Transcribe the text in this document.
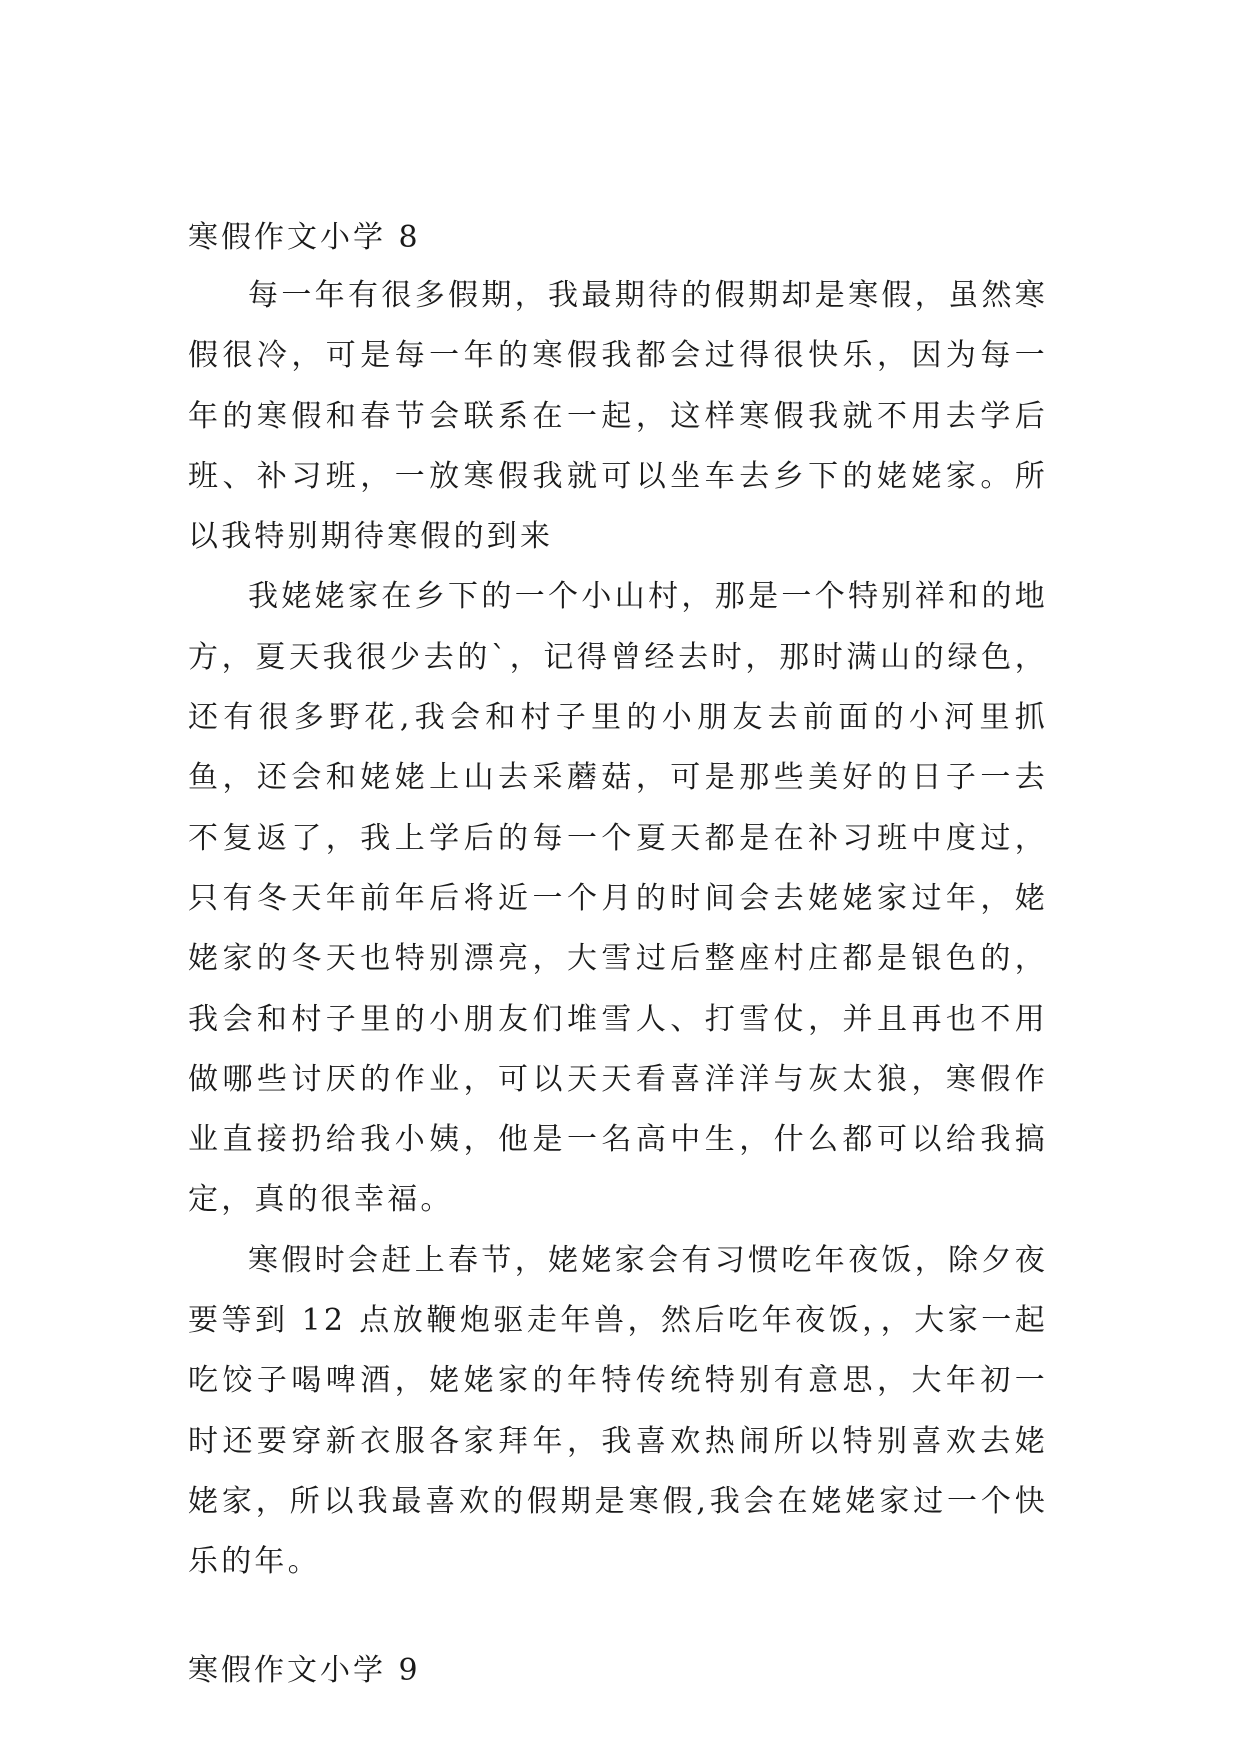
寒假作文小学 8

每一年有很多假期，我最期待的假期却是寒假，虽然寒假很冷，可是每一年的寒假我都会过得很快乐，因为每一年的寒假和春节会联系在一起，这样寒假我就不用去学后班、补习班，一放寒假我就可以坐车去乡下的姥姥家。所以我特别期待寒假的到来

我姥姥家在乡下的一个小山村，那是一个特别祥和的地方，夏天我很少去的`，记得曾经去时，那时满山的绿色，还有很多野花,我会和村子里的小朋友去前面的小河里抓鱼，还会和姥姥上山去采蘑菇，可是那些美好的日子一去不复返了，我上学后的每一个夏天都是在补习班中度过，只有冬天年前年后将近一个月的时间会去姥姥家过年，姥姥家的冬天也特别漂亮，大雪过后整座村庄都是银色的，我会和村子里的小朋友们堆雪人、打雪仗，并且再也不用做哪些讨厌的作业，可以天天看喜洋洋与灰太狼，寒假作业直接扔给我小姨，他是一名高中生，什么都可以给我搞定，真的很幸福。

寒假时会赶上春节，姥姥家会有习惯吃年夜饭，除夕夜要等到 12 点放鞭炮驱走年兽，然后吃年夜饭，，大家一起吃饺子喝啤酒，姥姥家的年特传统特别有意思，大年初一时还要穿新衣服各家拜年，我喜欢热闹所以特别喜欢去姥姥家，所以我最喜欢的假期是寒假,我会在姥姥家过一个快乐的年。

寒假作文小学 9
